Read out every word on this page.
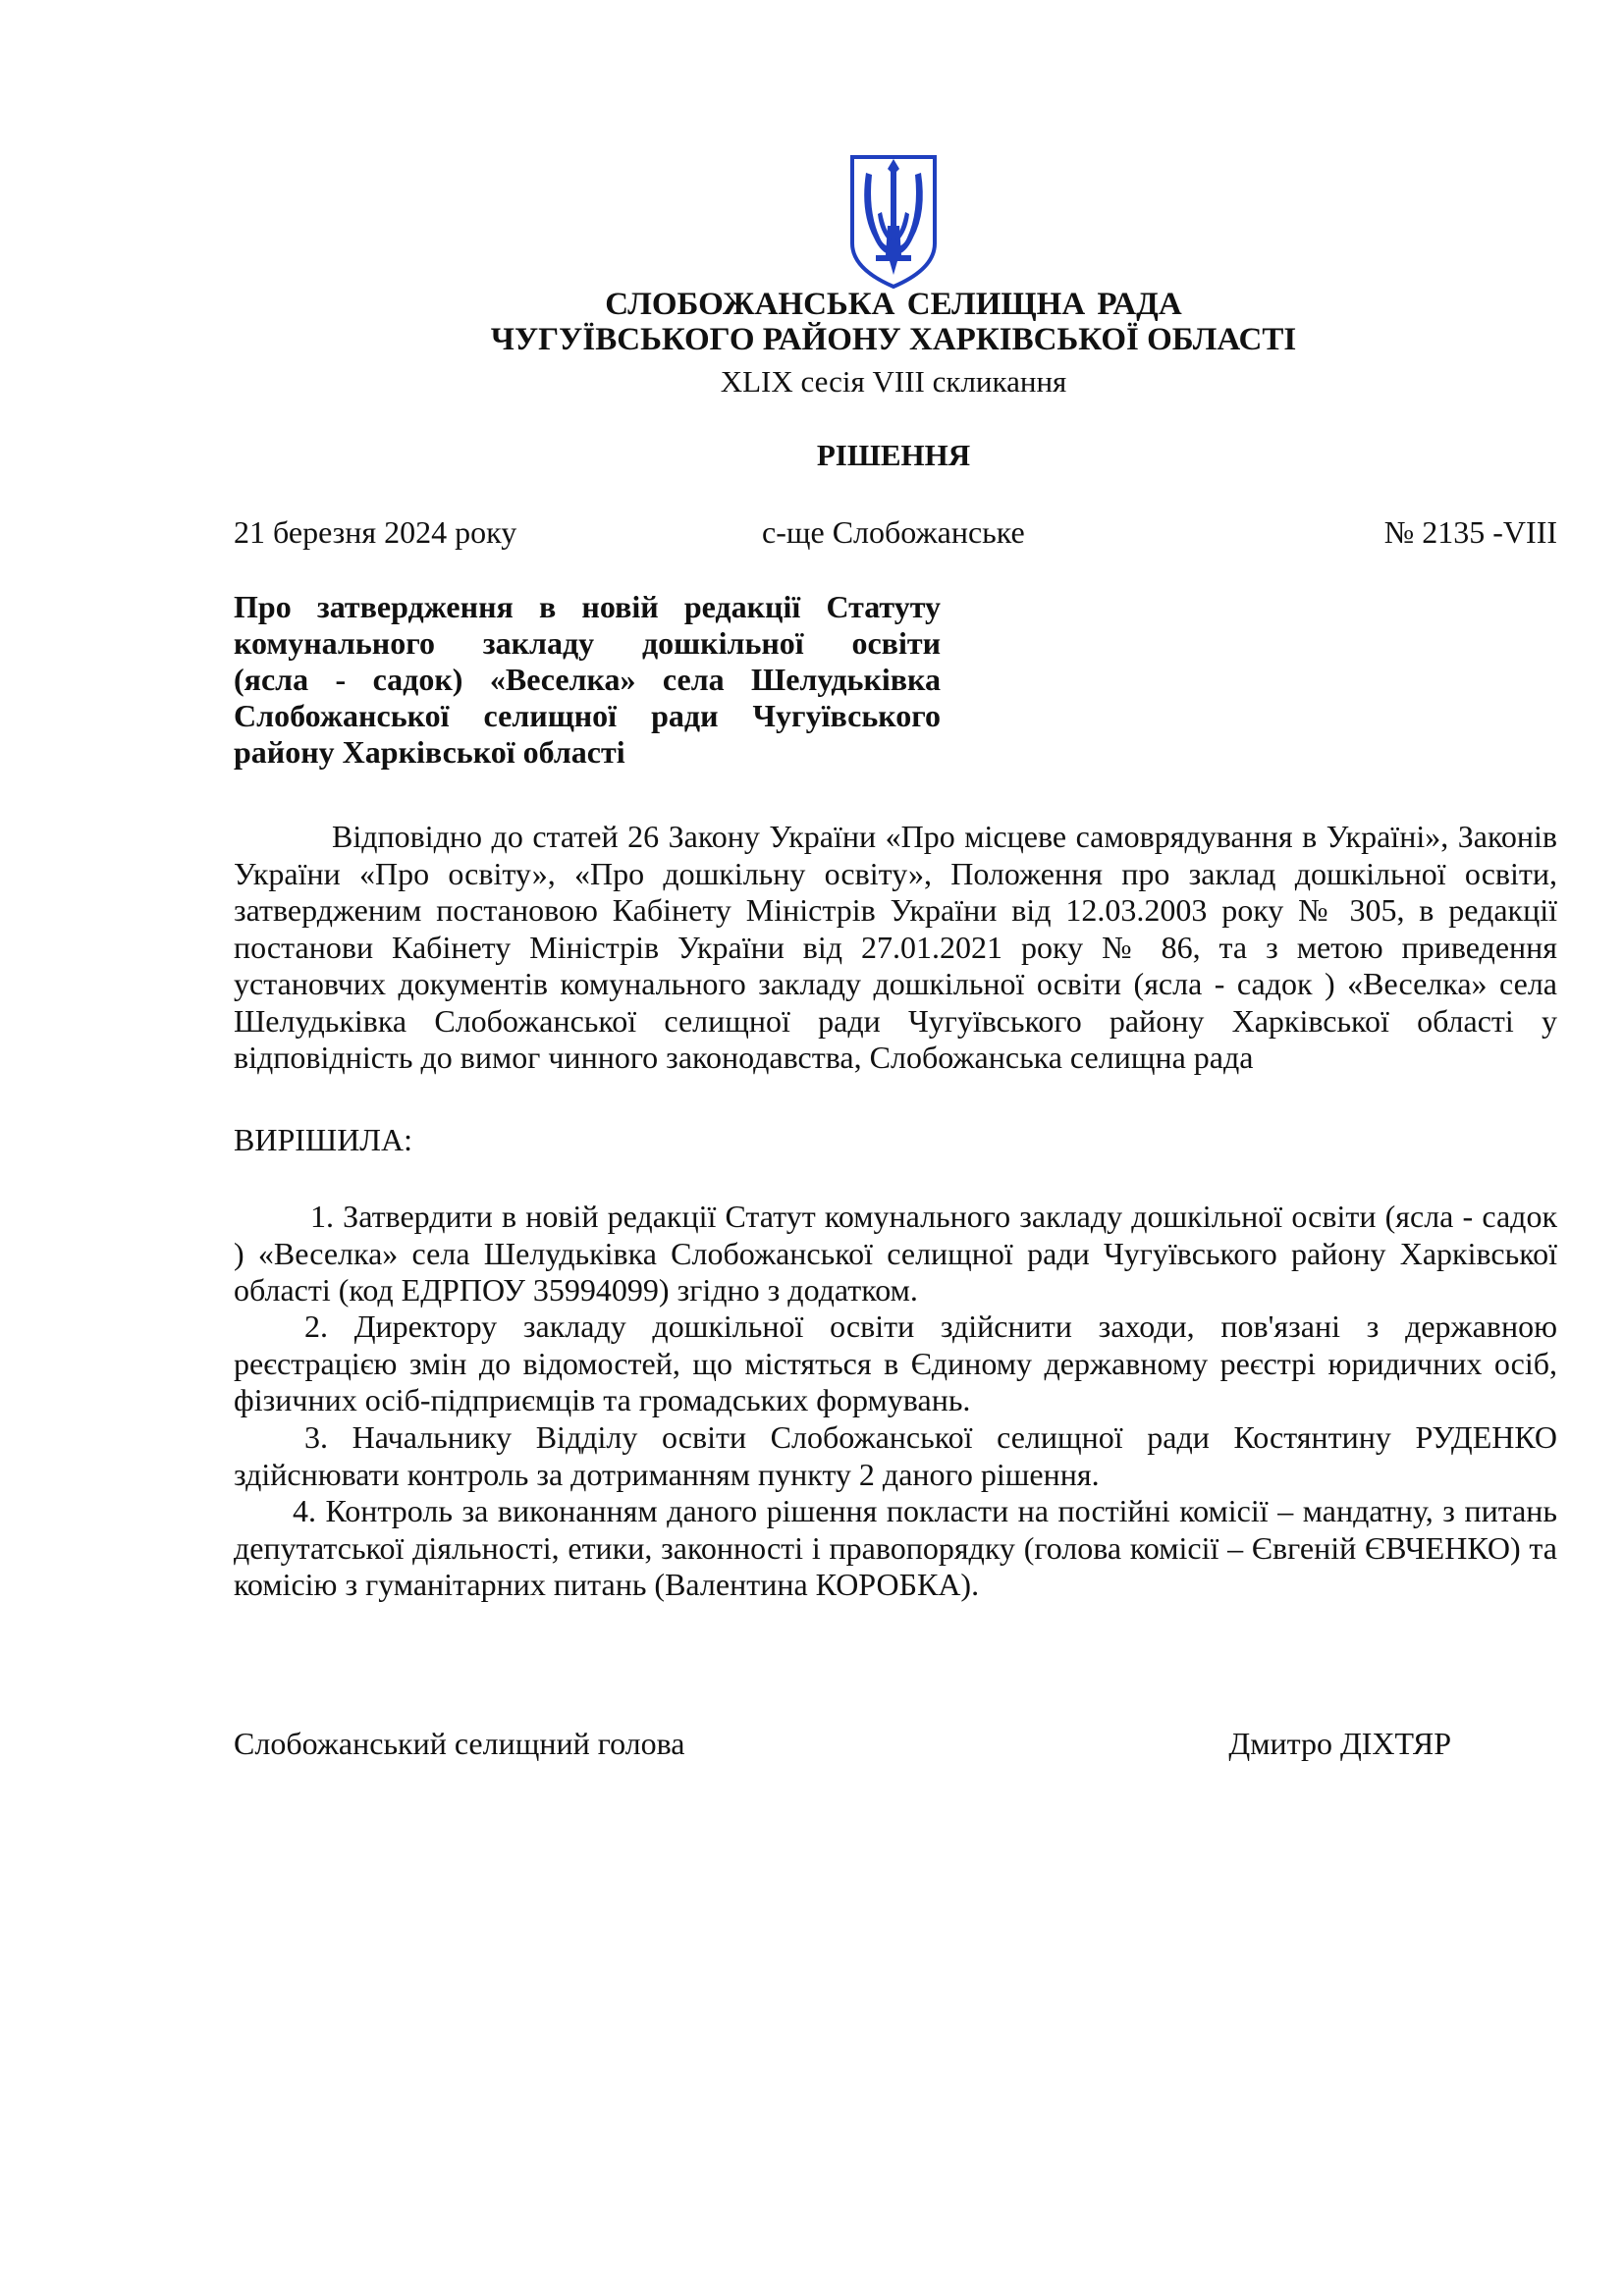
СЛОБОЖАНСЬКА СЕЛИЩНА РАДА
ЧУГУЇВСЬКОГО РАЙОНУ ХАРКІВСЬКОЇ ОБЛАСТІ
XLIX сесія VIII скликання
РІШЕННЯ
21 березня 2024 року	с-ще Слобожанське	№ 2135 -VIII
Про затвердження в новій редакції Статуту
комунального закладу дошкільної освіти
(ясла - садок) «Веселка» села Шелудьківка
Слобожанської селищної ради Чугуївського
району Харківської області

Відповідно до статей 26 Закону України «Про місцеве самоврядування в Україні», Законів України «Про освіту», «Про дошкільну освіту», Положення про заклад дошкільної освіти, затвердженим постановою Кабінету Міністрів України від 12.03.2003 року № 305, в редакції постанови Кабінету Міністрів України від 27.01.2021 року № 86, та з метою приведення установчих документів комунального закладу дошкільної освіти (ясла - садок ) «Веселка» села Шелудьківка Слобожанської селищної ради Чугуївського району Харківської області у відповідність до вимог чинного законодавства, Слобожанська селищна рада

ВИРІШИЛА:

1. Затвердити в новій редакції Статут комунального закладу дошкільної освіти (ясла - садок ) «Веселка» села Шелудьківка Слобожанської селищної ради Чугуївського району Харківської області (код ЕДРПОУ 35994099) згідно з додатком.

2. Директору закладу дошкільної освіти здійснити заходи, пов'язані з державною реєстрацією змін до відомостей, що містяться в Єдиному державному реєстрі юридичних осіб, фізичних осіб-підприємців та громадських формувань.

3. Начальнику Відділу освіти Слобожанської селищної ради Костянтину РУДЕНКО здійснювати контроль за дотриманням пункту 2 даного рішення.

4. Контроль за виконанням даного рішення покласти на постійні комісії – мандатну, з питань депутатської діяльності, етики, законності і правопорядку (голова комісії – Євгеній ЄВЧЕНКО) та комісію з гуманітарних питань (Валентина КОРОБКА).

Слобожанський селищний голова	Дмитро ДІХТЯР
